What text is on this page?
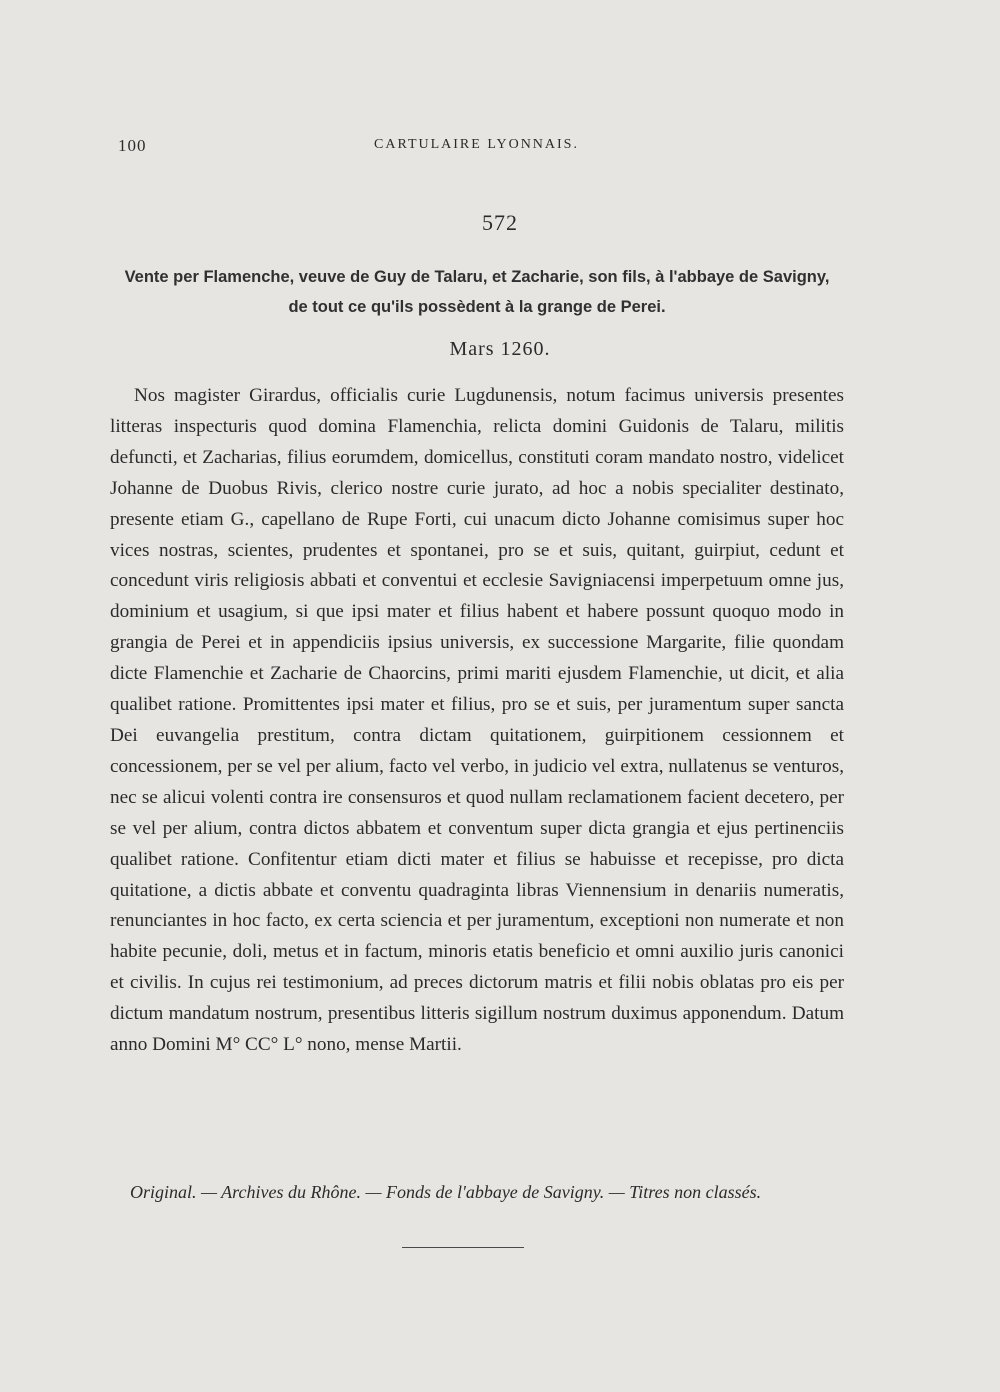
100	CARTULAIRE LYONNAIS.
572
Vente per Flamenche, veuve de Guy de Talaru, et Zacharie, son fils, à l'abbaye de Savigny, de tout ce qu'ils possèdent à la grange de Perei.
Mars 1260.

Nos magister Girardus, officialis curie Lugdunensis, notum facimus universis presentes litteras inspecturis quod domina Flamenchia, relicta domini Guidonis de Talaru, militis defuncti, et Zacharias, filius eorumdem, domicellus, constituti coram mandato nostro, videlicet Johanne de Duobus Rivis, clerico nostre curie jurato, ad hoc a nobis specialiter destinato, presente etiam G., capellano de Rupe Forti, cui unacum dicto Johanne comisimus super hoc vices nostras, scientes, prudentes et spontanei, pro se et suis, quitant, guirpiut, cedunt et concedunt viris religiosis abbati et conventui et ecclesie Savigniacensi imperpetuum omne jus, dominium et usagium, si que ipsi mater et filius habent et habere possunt quoquo modo in grangia de Perei et in appendiciis ipsius universis, ex successione Margarite, filie quondam dicte Flamenchie et Zacharie de Chaorcins, primi mariti ejusdem Flamenchie, ut dicit, et alia qualibet ratione. Promittentes ipsi mater et filius, pro se et suis, per juramentum super sancta Dei euvangelia prestitum, contra dictam quitationem, guirpitionem cessionnem et concessionem, per se vel per alium, facto vel verbo, in judicio vel extra, nullatenus se venturos, nec se alicui volenti contra ire consensuros et quod nullam reclamationem facient decetero, per se vel per alium, contra dictos abbatem et conventum super dicta grangia et ejus pertinenciis qualibet ratione. Confitentur etiam dicti mater et filius se habuisse et recepisse, pro dicta quitatione, a dictis abbate et conventu quadraginta libras Viennensium in denariis numeratis, renunciantes in hoc facto, ex certa sciencia et per juramentum, exceptioni non numerate et non habite pecunie, doli, metus et in factum, minoris etatis beneficio et omni auxilio juris canonici et civilis. In cujus rei testimonium, ad preces dictorum matris et filii nobis oblatas pro eis per dictum mandatum nostrum, presentibus litteris sigillum nostrum duximus apponendum. Datum anno Domini M° CC° L° nono, mense Martii.

Original. — Archives du Rhône. — Fonds de l'abbaye de Savigny. — Titres non classés.
